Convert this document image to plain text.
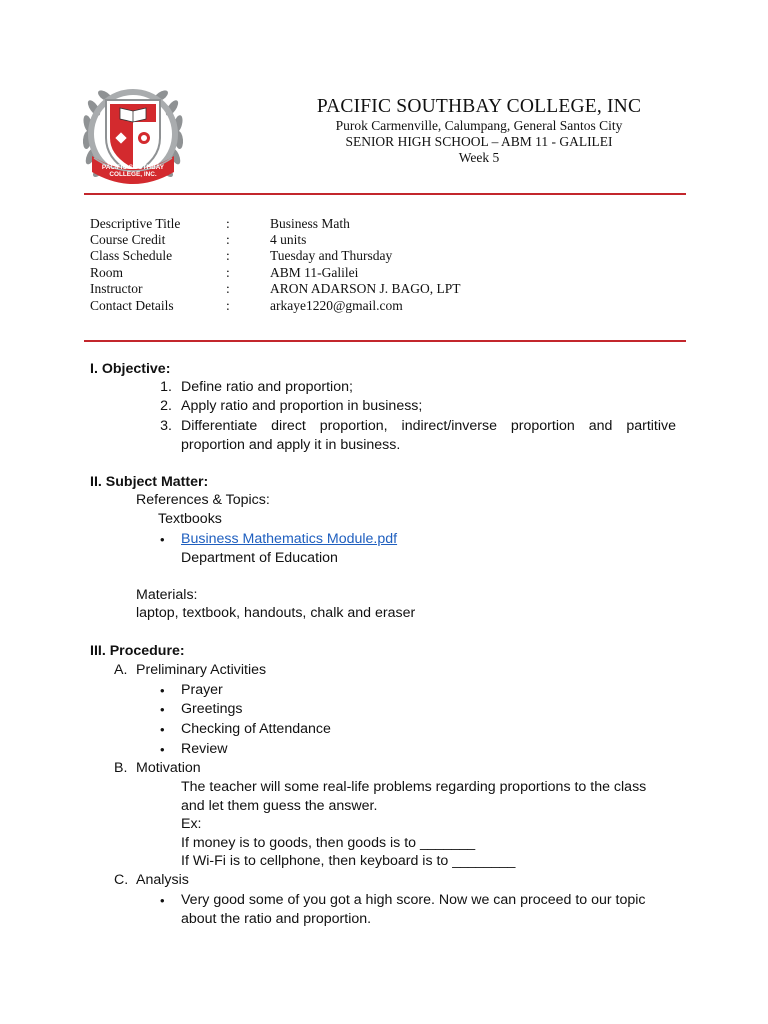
PACIFIC SOUTHBAY COLLEGE, INC.
PACIFIC SOUTHBAY COLLEGE, INC
Purok Carmenville, Calumpang, General Santos City
SENIOR HIGH SCHOOL – ABM 11 - GALILEI
Week 5
Descriptive Title	:	Business Math
Course Credit	:	4 units
Class Schedule	:	Tuesday and Thursday
Room	:	ABM 11-Galilei
Instructor	:	ARON ADARSON J. BAGO, LPT
Contact Details	:	arkaye1220@gmail.com
I. Objective:
1. Define ratio and proportion;
2. Apply ratio and proportion in business;
3. Differentiate direct proportion, indirect/inverse proportion and partitive
proportion and apply it in business.
II. Subject Matter:
References & Topics:
Textbooks
• Business Mathematics Module.pdf
Department of Education
Materials:
laptop, textbook, handouts, chalk and eraser
III. Procedure:
A. Preliminary Activities
• Prayer
• Greetings
• Checking of Attendance
• Review
B. Motivation
The teacher will some real-life problems regarding proportions to the class
and let them guess the answer.
Ex:
If money is to goods, then goods is to _______
If Wi-Fi is to cellphone, then keyboard is to ________
C. Analysis
• Very good some of you got a high score. Now we can proceed to our topic
about the ratio and proportion.
